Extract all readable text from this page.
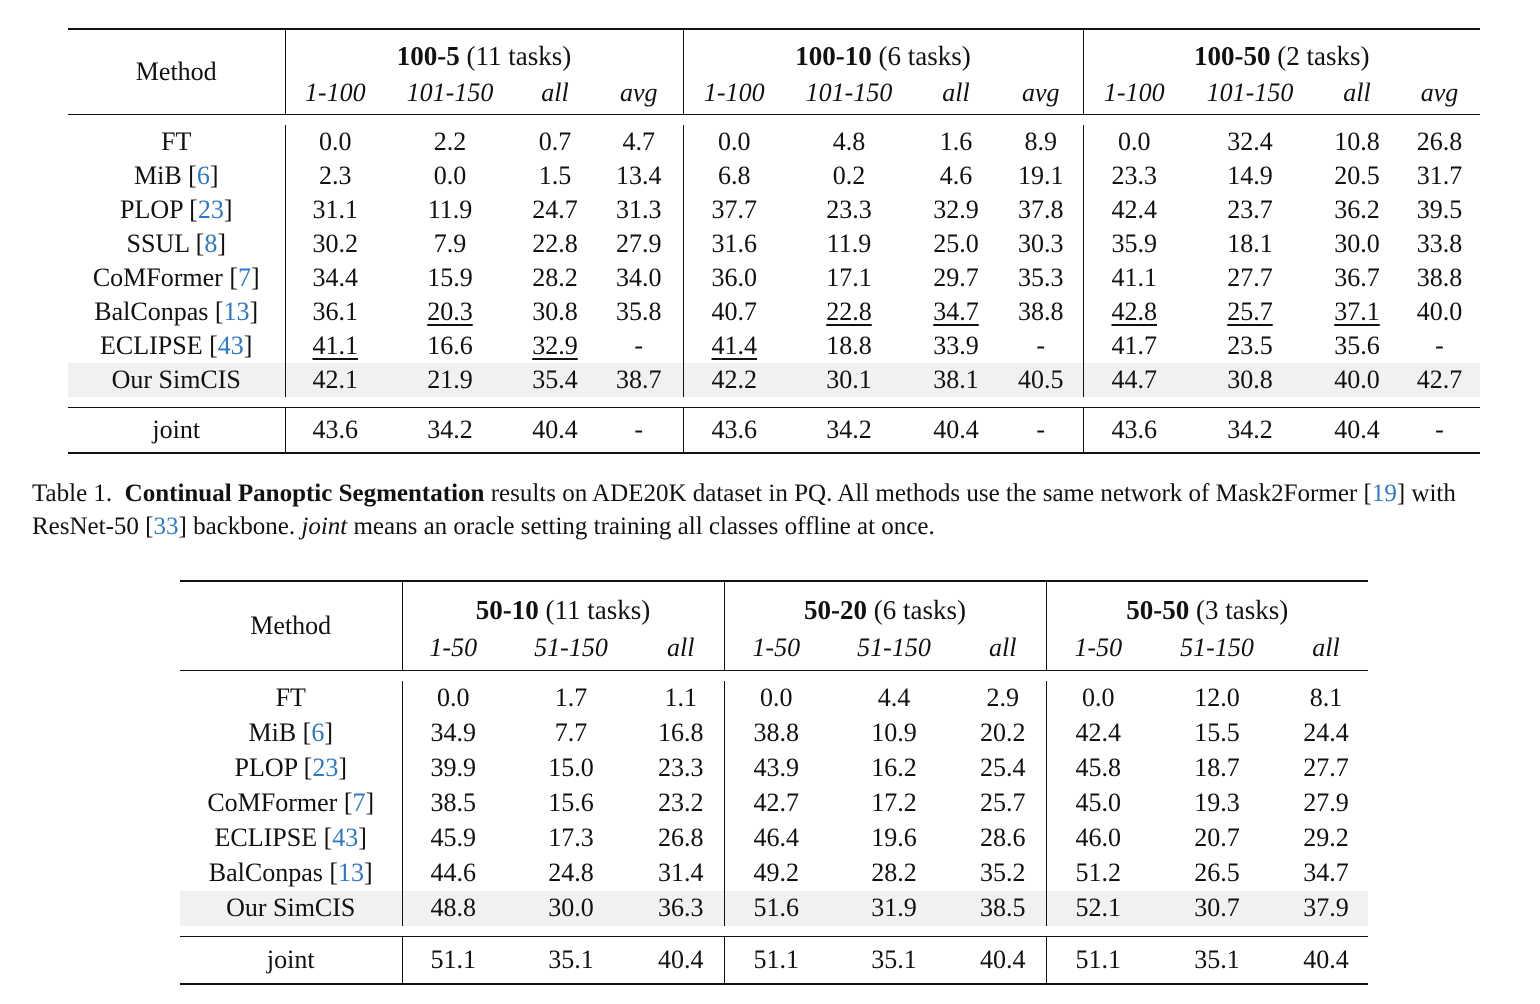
Method	100-5 (11 tasks)				100-10 (6 tasks)				100-50 (2 tasks)			
	1-100	101-150	all	avg	1-100	101-150	all	avg	1-100	101-150	all	avg

FT	0.0	2.2	0.7	4.7	0.0	4.8	1.6	8.9	0.0	32.4	10.8	26.8
MiB [6]	2.3	0.0	1.5	13.4	6.8	0.2	4.6	19.1	23.3	14.9	20.5	31.7
PLOP [23]	31.1	11.9	24.7	31.3	37.7	23.3	32.9	37.8	42.4	23.7	36.2	39.5
SSUL [8]	30.2	7.9	22.8	27.9	31.6	11.9	25.0	30.3	35.9	18.1	30.0	33.8
CoMFormer [7]	34.4	15.9	28.2	34.0	36.0	17.1	29.7	35.3	41.1	27.7	36.7	38.8
BalConpas [13]	36.1	20.3	30.8	35.8	40.7	22.8	34.7	38.8	42.8	25.7	37.1	40.0
ECLIPSE [43]	41.1	16.6	32.9	-	41.4	18.8	33.9	-	41.7	23.5	35.6	-
Our SimCIS	42.1	21.9	35.4	38.7	42.2	30.1	38.1	40.5	44.7	30.8	40.0	42.7

joint	43.6	34.2	40.4	-	43.6	34.2	40.4	-	43.6	34.2	40.4	-
Table 1. Continual Panoptic Segmentation results on ADE20K dataset in PQ. All methods use the same network of Mask2Former [19] with ResNet-50 [33] backbone. joint means an oracle setting training all classes offline at once.
Method	50-10 (11 tasks)			50-20 (6 tasks)			50-50 (3 tasks)		
	1-50	51-150	all	1-50	51-150	all	1-50	51-150	all

FT	0.0	1.7	1.1	0.0	4.4	2.9	0.0	12.0	8.1
MiB [6]	34.9	7.7	16.8	38.8	10.9	20.2	42.4	15.5	24.4
PLOP [23]	39.9	15.0	23.3	43.9	16.2	25.4	45.8	18.7	27.7
CoMFormer [7]	38.5	15.6	23.2	42.7	17.2	25.7	45.0	19.3	27.9
ECLIPSE [43]	45.9	17.3	26.8	46.4	19.6	28.6	46.0	20.7	29.2
BalConpas [13]	44.6	24.8	31.4	49.2	28.2	35.2	51.2	26.5	34.7
Our SimCIS	48.8	30.0	36.3	51.6	31.9	38.5	52.1	30.7	37.9

joint	51.1	35.1	40.4	51.1	35.1	40.4	51.1	35.1	40.4
